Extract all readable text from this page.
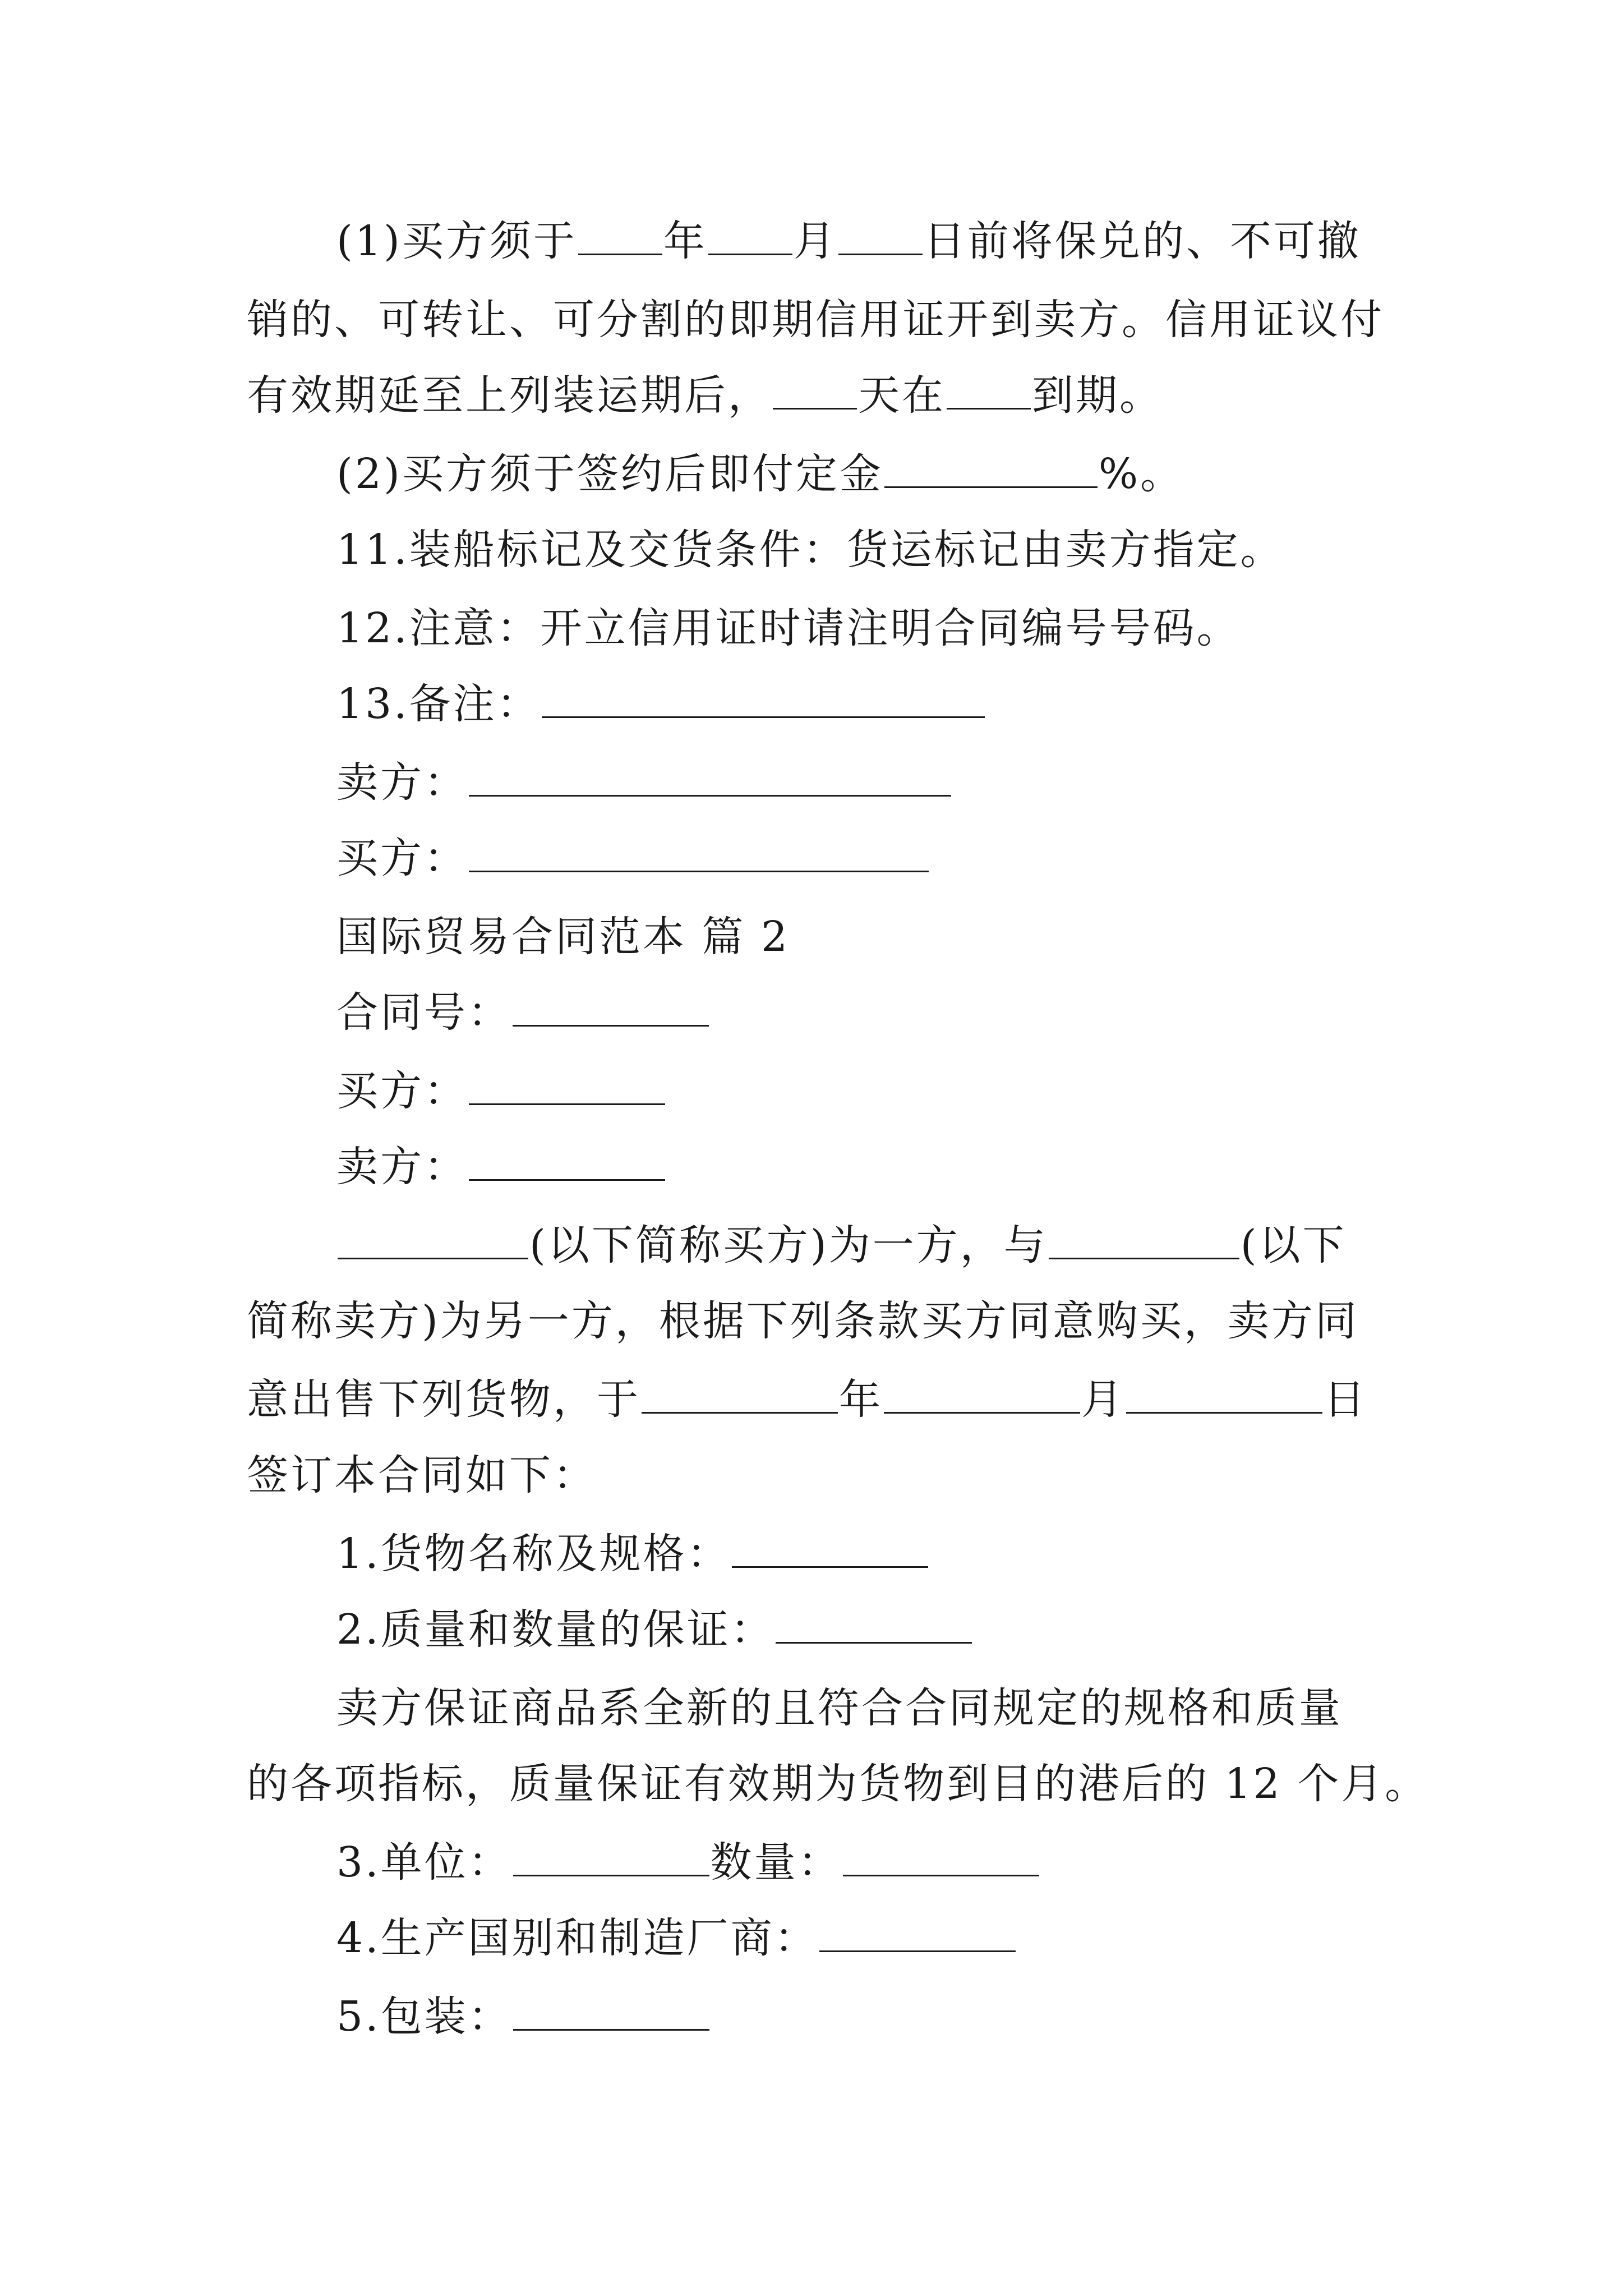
(1)买方须于 年 月 日前将保兑的、不可撤
销的、可转让、可分割的即期信用证开到卖方。信用证议付
有效期延至上列装运期后， 天在 到期。
(2)买方须于签约后即付定金	%。
11.装船标记及交货条件：货运标记由卖方指定。
12.注意：开立信用证时请注明合同编号号码。
13.备注：
卖方：
买方：
国际贸易合同范本 篇 2
合同号：
买方：
卖方：
(以下简称买方)为一方，与	(以下
简称卖方)为另一方，根据下列条款买方同意购买，卖方同
意出售下列货物，于	年	月	日
签订本合同如下：
1.货物名称及规格：
2.质量和数量的保证：
卖方保证商品系全新的且符合合同规定的规格和质量
的各项指标，质量保证有效期为货物到目的港后的 12 个月。
3.单位：	数量：
4.生产国别和制造厂商：
5.包装：
